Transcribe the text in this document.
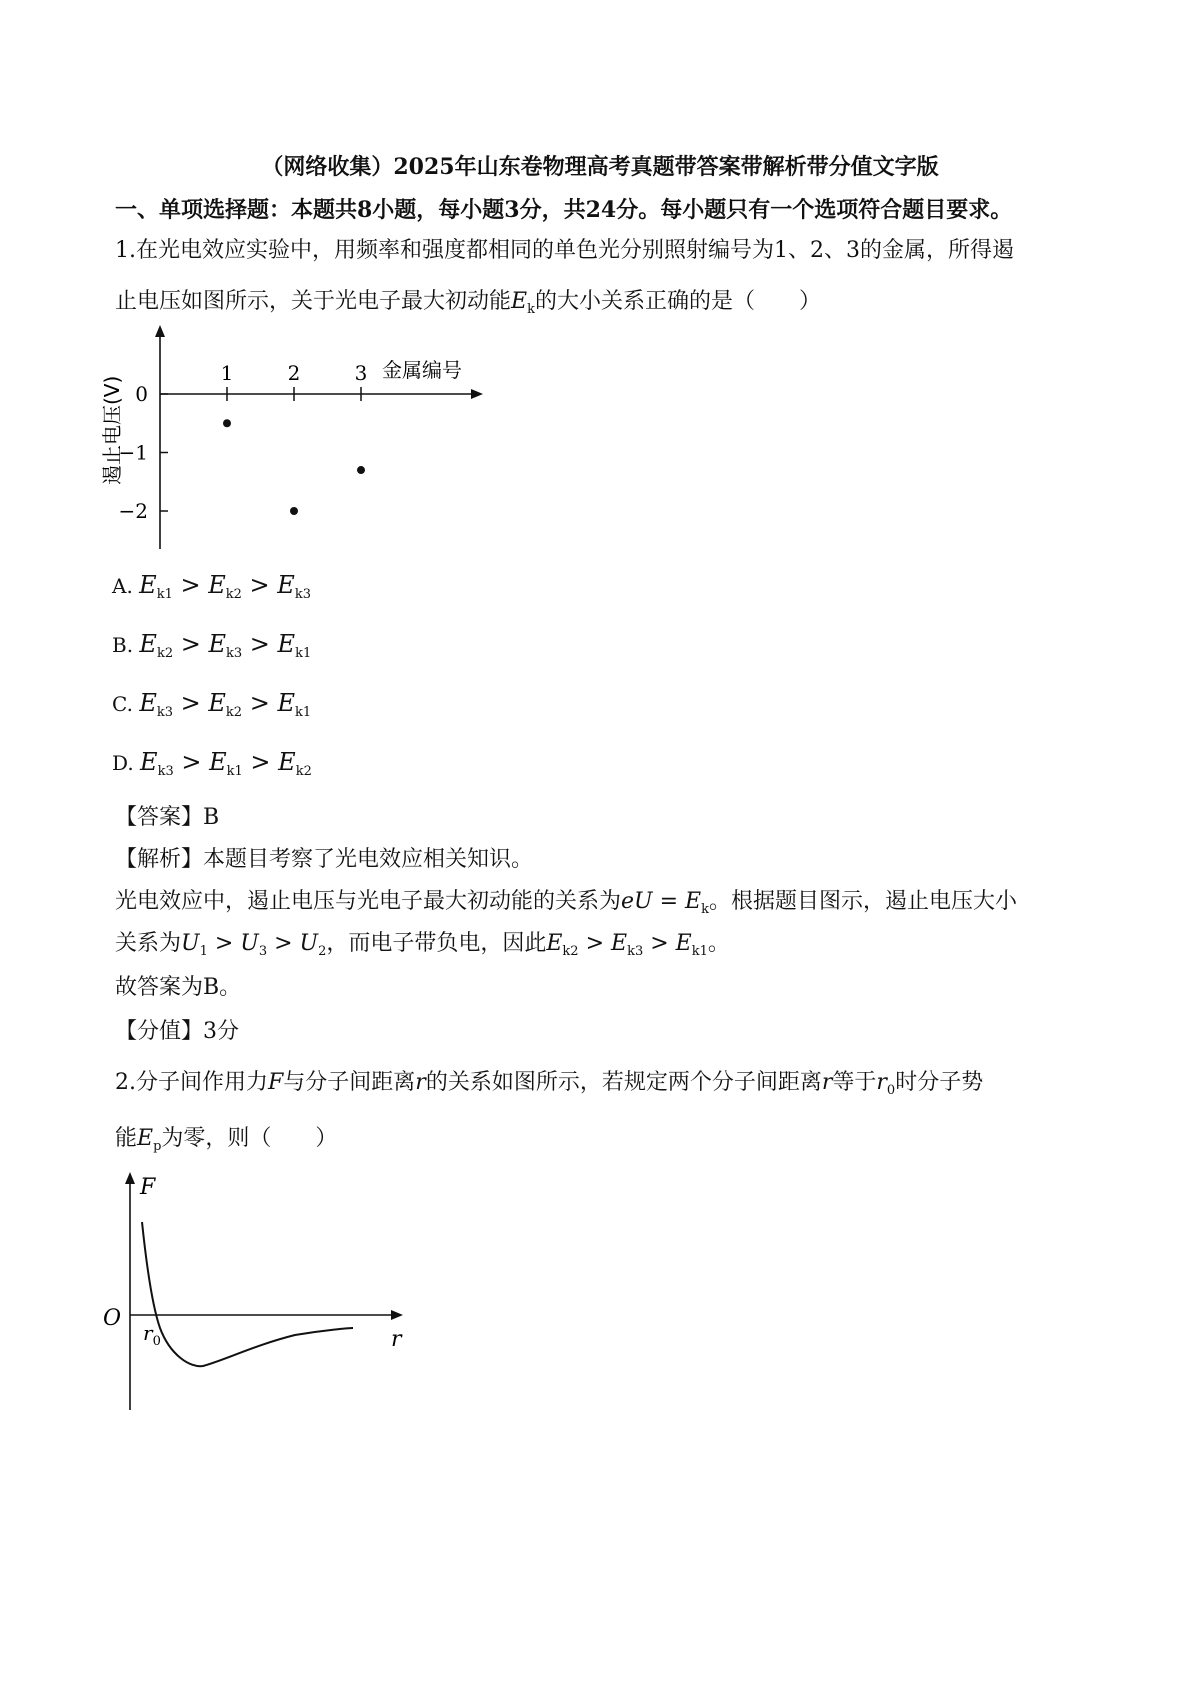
（网络收集）2025年山东卷物理高考真题带答案带解析带分值文字版
一、单项选择题：本题共8小题，每小题3分，共24分。每小题只有一个选项符合题目要求。
1.在光电效应实验中，用频率和强度都相同的单色光分别照射编号为1、2、3的金属，所得遏
止电压如图所示，关于光电子最大初动能$E_k$的大小关系正确的是（　　）
0
−1
−2
1	2	3 金属编号
遏止电压(V)
A. $E_{k1} > E_{k2} > E_{k3}$
B. $E_{k2} > E_{k3} > E_{k1}$
C. $E_{k3} > E_{k2} > E_{k1}$
D. $E_{k3} > E_{k1} > E_{k2}$
【答案】B
【解析】本题目考察了光电效应相关知识。
光电效应中，遏止电压与光电子最大初动能的关系为eU = $E_k$。根据题目图示，遏止电压大小
关系为$U_1 > U_3 > U_2$，而电子带负电，因此$E_{k2} > E_{k3} > E_{k1}$。
故答案为B。
【分值】3分
2.分子间作用力F与分子间距离r的关系如图所示，若规定两个分子间距离r等于$r_0$时分子势
能$E_p$为零，则（　　）
F
O
r
$r_0$
